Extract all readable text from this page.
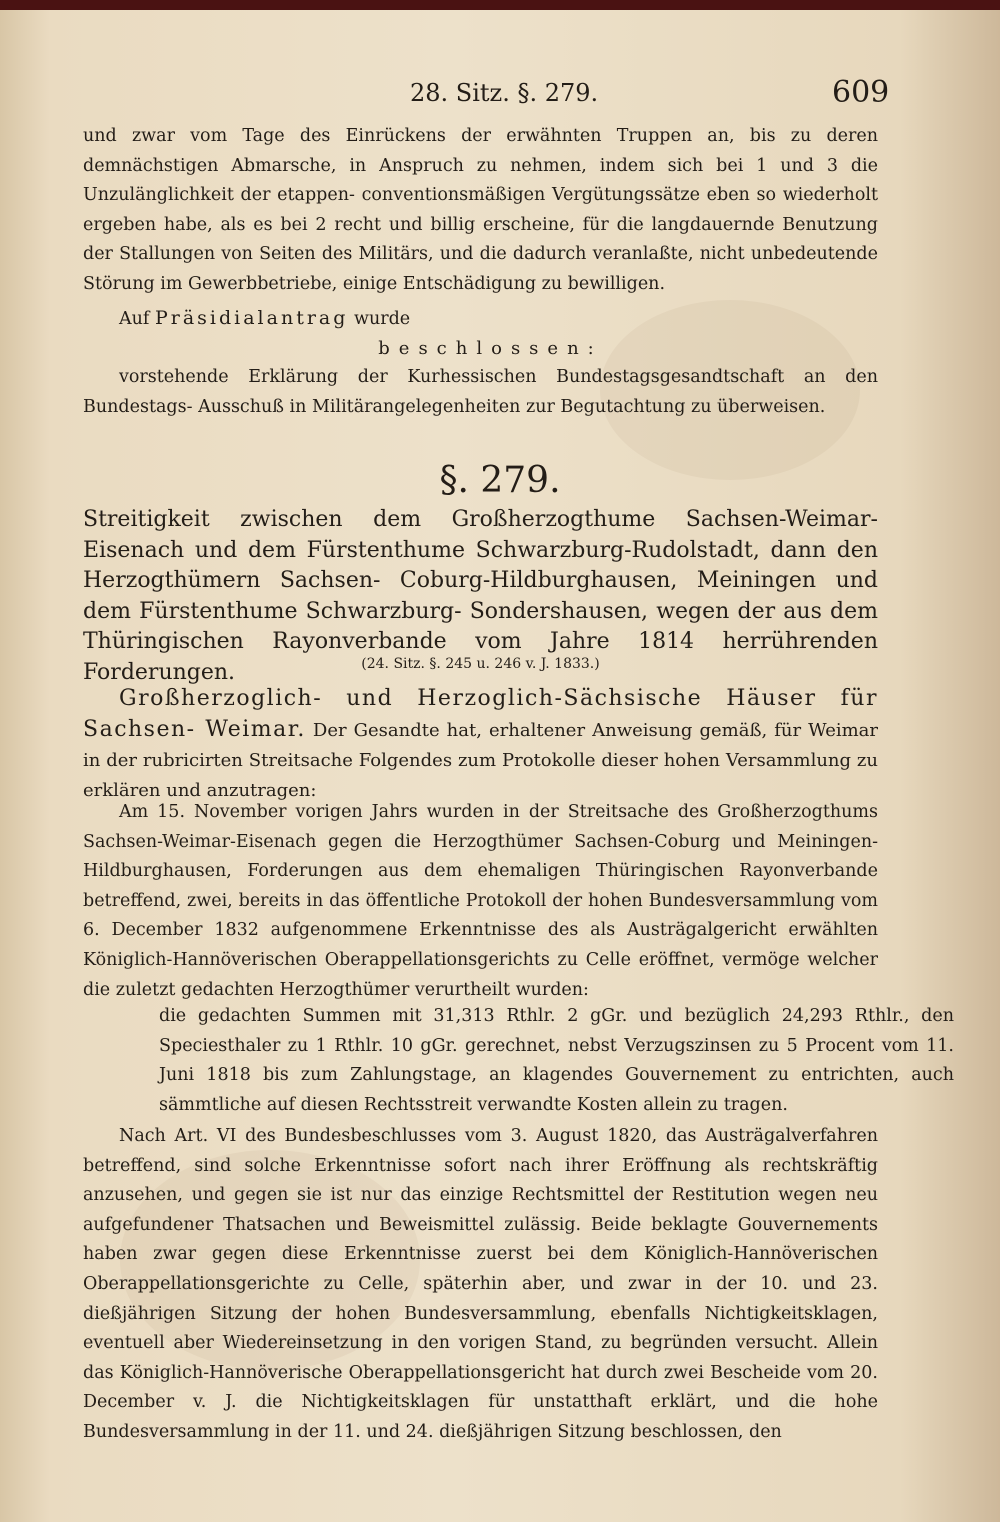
28. Sitz. §. 279.	609

und zwar vom Tage des Einrückens der erwähnten Truppen an, bis zu deren demnächstigen Abmarsche, in Anspruch zu nehmen, indem sich bei 1 und 3 die Unzulänglichkeit der etappen- conventionsmäßigen Vergütungssätze eben so wiederholt ergeben habe, als es bei 2 recht und billig erscheine, für die langdauernde Benutzung der Stallungen von Seiten des Militärs, und die dadurch veranlaßte, nicht unbedeutende Störung im Gewerbbetriebe, einige Entschädigung zu bewilligen.

Auf Präsidialantrag wurde

beschlossen:

vorstehende Erklärung der Kurhessischen Bundestagsgesandtschaft an den Bundestags- Ausschuß in Militärangelegenheiten zur Begutachtung zu überweisen.

§. 279.
Streitigkeit zwischen dem Großherzogthume Sachsen-Weimar-Eisenach und dem Fürstenthume Schwarzburg-Rudolstadt, dann den Herzogthümern Sachsen- Coburg-Hildburghausen, Meiningen und dem Fürstenthume Schwarzburg- Sondershausen, wegen der aus dem Thüringischen Rayonverbande vom Jahre 1814 herrührenden Forderungen.	(24. Sitz. §. 245 u. 246 v. J. 1833.)

Großherzoglich- und Herzoglich-Sächsische Häuser für Sachsen- Weimar. Der Gesandte hat, erhaltener Anweisung gemäß, für Weimar in der rubricirten Streitsache Folgendes zum Protokolle dieser hohen Versammlung zu erklären und anzutragen:

Am 15. November vorigen Jahrs wurden in der Streitsache des Großherzogthums Sachsen-Weimar-Eisenach gegen die Herzogthümer Sachsen-Coburg und Meiningen-Hildburghausen, Forderungen aus dem ehemaligen Thüringischen Rayonverbande betreffend, zwei, bereits in das öffentliche Protokoll der hohen Bundesversammlung vom 6. December 1832 aufgenommene Erkenntnisse des als Austrägalgericht erwählten Königlich-Hannöverischen Oberappellationsgerichts zu Celle eröffnet, vermöge welcher die zuletzt gedachten Herzogthümer verurtheilt wurden:

die gedachten Summen mit 31,313 Rthlr. 2 gGr. und bezüglich 24,293 Rthlr., den Speciesthaler zu 1 Rthlr. 10 gGr. gerechnet, nebst Verzugszinsen zu 5 Procent vom 11. Juni 1818 bis zum Zahlungstage, an klagendes Gouvernement zu entrichten, auch sämmtliche auf diesen Rechtsstreit verwandte Kosten allein zu tragen.

Nach Art. VI des Bundesbeschlusses vom 3. August 1820, das Austrägalverfahren betreffend, sind solche Erkenntnisse sofort nach ihrer Eröffnung als rechtskräftig anzusehen, und gegen sie ist nur das einzige Rechtsmittel der Restitution wegen neu aufgefundener Thatsachen und Beweismittel zulässig. Beide beklagte Gouvernements haben zwar gegen diese Erkenntnisse zuerst bei dem Königlich-Hannöverischen Oberappellationsgerichte zu Celle, späterhin aber, und zwar in der 10. und 23. dießjährigen Sitzung der hohen Bundesversammlung, ebenfalls Nichtigkeitsklagen, eventuell aber Wiedereinsetzung in den vorigen Stand, zu begründen versucht. Allein das Königlich-Hannöverische Oberappellationsgericht hat durch zwei Bescheide vom 20. December v. J. die Nichtigkeitsklagen für unstatthaft erklärt, und die hohe Bundesversammlung in der 11. und 24. dießjährigen Sitzung beschlossen, den
